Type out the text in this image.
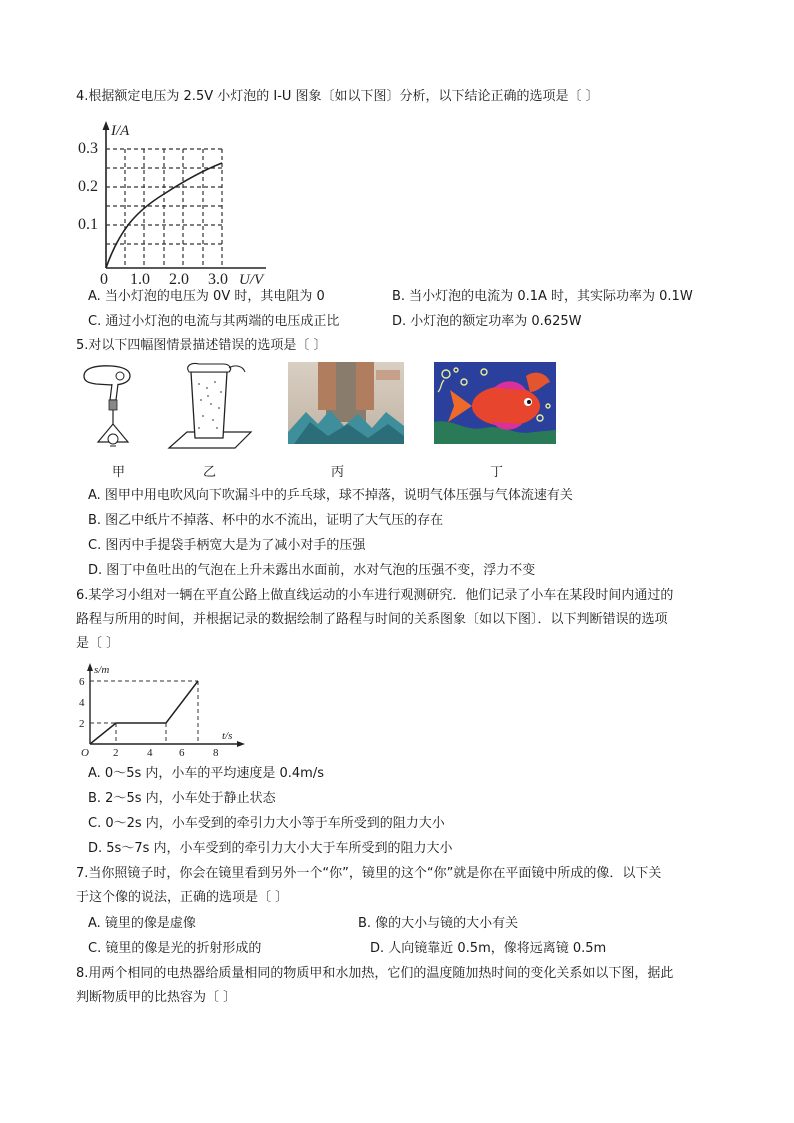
4.根据额定电压为 2.5V 小灯泡的 I-U 图象〔如以下图〕分析，以下结论正确的选项是〔 〕
I/A
0.3
0.2
0.1
0 1.0 2.0 3.0 U/V
A. 当小灯泡的电压为 0V 时，其电阻为 0	B. 当小灯泡的电流为 0.1A 时，其实际功率为 0.1W
C. 通过小灯泡的电流与其两端的电压成正比	D. 小灯泡的额定功率为 0.625W
5.对以下四幅图情景描述错误的选项是〔 〕
甲	乙	丙	丁
A. 图甲中用电吹风向下吹漏斗中的乒乓球，球不掉落，说明气体压强与气体流速有关
B. 图乙中纸片不掉落、杯中的水不流出，证明了大气压的存在
C. 图丙中手提袋手柄宽大是为了减小对手的压强
D. 图丁中鱼吐出的气泡在上升未露出水面前，水对气泡的压强不变，浮力不变
6.某学习小组对一辆在平直公路上做直线运动的小车进行观测研究．他们记录了小车在某段时间内通过的
路程与所用的时间，并根据记录的数据绘制了路程与时间的关系图象〔如以下图〕．以下判断错误的选项
是〔 〕
s/m
6
4
2
O 2	4 6	8
t/s
A. 0～5s 内，小车的平均速度是 0.4m/s
B. 2～5s 内，小车处于静止状态
C. 0～2s 内，小车受到的牵引力大小等于车所受到的阻力大小
D. 5s～7s 内，小车受到的牵引力大小大于车所受到的阻力大小
7.当你照镜子时，你会在镜里看到另外一个“你”，镜里的这个“你”就是你在平面镜中所成的像．以下关
于这个像的说法，正确的选项是〔 〕
A. 镜里的像是虚像	B. 像的大小与镜的大小有关
C. 镜里的像是光的折射形成的	D. 人向镜靠近 0.5m，像将远离镜 0.5m
8.用两个相同的电热器给质量相同的物质甲和水加热，它们的温度随加热时间的变化关系如以下图，据此
判断物质甲的比热容为〔 〕
